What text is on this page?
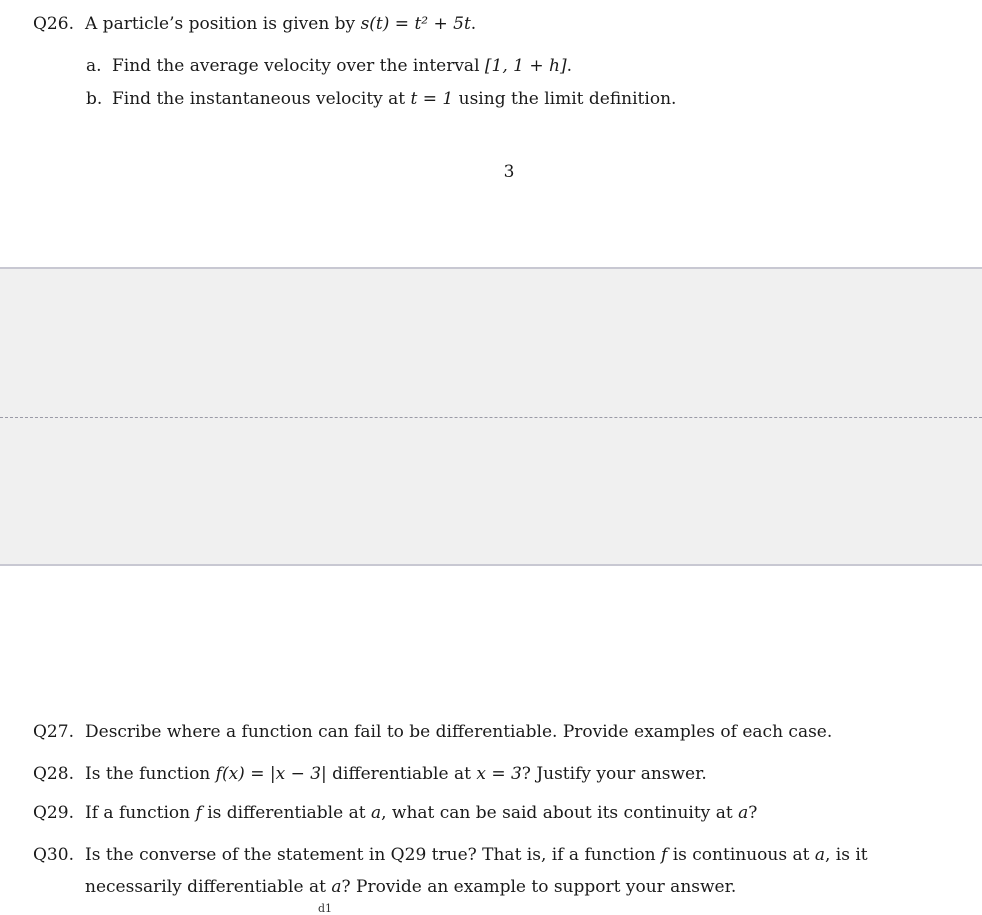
Q26. A particle’s position is given by s(t) = t² + 5t.
a. Find the average velocity over the interval [1, 1 + h].
b. Find the instantaneous velocity at t = 1 using the limit definition.
3
Q27. Describe where a function can fail to be differentiable. Provide examples of each case.
Q28. Is the function f(x) = |x − 3| differentiable at x = 3? Justify your answer.
Q29. If a function f is differentiable at a, what can be said about its continuity at a?
Q30. Is the converse of the statement in Q29 true? That is, if a function f is continuous at a, is it
necessarily differentiable at a? Provide an example to support your answer.
d1
